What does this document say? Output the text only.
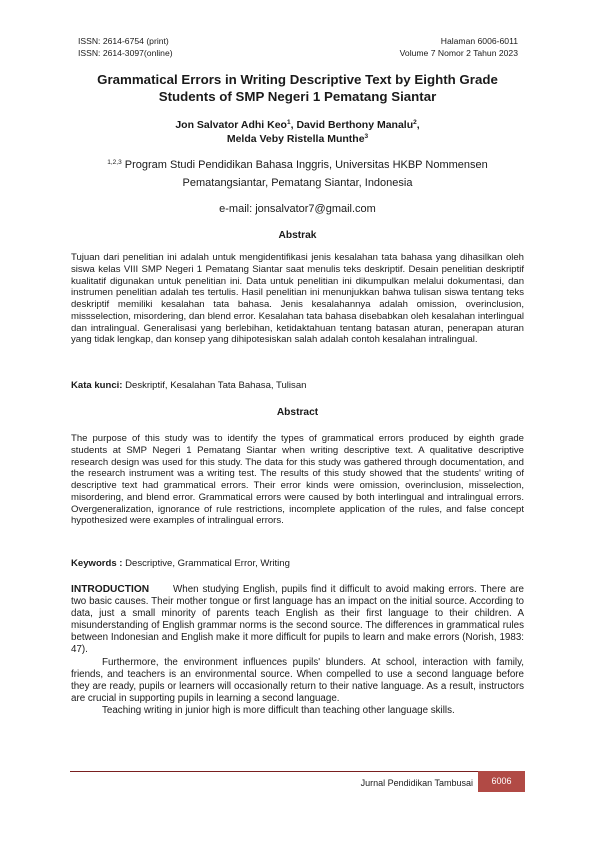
ISSN: 2614-6754 (print)
ISSN: 2614-3097(online)
Halaman 6006-6011
Volume 7 Nomor 2 Tahun 2023
Grammatical Errors in Writing Descriptive Text by Eighth Grade Students of SMP Negeri 1 Pematang Siantar

Jon Salvator Adhi Keo$^1$, David Berthony Manalu$^2$,
Melda Veby Ristella Munthe$^3$

$^{1,2,3}$ Program Studi Pendidikan Bahasa Inggris, Universitas HKBP Nommensen Pematangsiantar, Pematang Siantar, Indonesia

e-mail: jonsalvator7@gmail.com

Abstrak

Tujuan dari penelitian ini adalah untuk mengidentifikasi jenis kesalahan tata bahasa yang dihasilkan oleh siswa kelas VIII SMP Negeri 1 Pematang Siantar saat menulis teks deskriptif. Desain penelitian deskriptif kualitatif digunakan untuk penelitian ini. Data untuk penelitian ini dikumpulkan melalui dokumentasi, dan instrumen penelitian adalah tes tertulis. Hasil penelitian ini menunjukkan bahwa tulisan siswa tentang teks deskriptif memiliki kesalahan tata bahasa. Jenis kesalahannya adalah omission, overinclusion, missselection, misordering, dan blend error. Kesalahan tata bahasa disebabkan oleh kesalahan interlingual dan intralingual. Generalisasi yang berlebihan, ketidaktahuan tentang batasan aturan, penerapan aturan yang tidak lengkap, dan konsep yang dihipotesiskan salah adalah contoh kesalahan intralingual.

Kata kunci: Deskriptif, Kesalahan Tata Bahasa, Tulisan

Abstract

The purpose of this study was to identify the types of grammatical errors produced by eighth grade students at SMP Negeri 1 Pematang Siantar when writing descriptive text. A qualitative descriptive research design was used for this study. The data for this study was gathered through documentation, and the research instrument was a writing test. The results of this study showed that the students' writing of descriptive text had grammatical errors. Their error kinds were omission, overinclusion, misselection, misordering, and blend error. Grammatical errors were caused by both interlingual and intralingual errors. Overgeneralization, ignorance of rule restrictions, incomplete application of the rules, and false concept hypothesized were examples of intralingual errors.

Keywords : Descriptive, Grammatical Error, Writing

INTRODUCTION	When studying English, pupils find it difficult to avoid making errors. There are two basic causes. Their mother tongue or first language has an impact on the initial source. According to data, just a small minority of parents teach English as their first language to their children. A misunderstanding of English grammar norms is the second source. The differences in grammatical rules between Indonesian and English make it more difficult for pupils to learn and make errors (Norish, 1983: 47).

Furthermore, the environment influences pupils' blunders. At school, interaction with family, friends, and teachers is an environmental source. When compelled to use a second language before they are ready, pupils or learners will occasionally return to their native language. As a result, instructors are crucial in supporting pupils in learning a second language.

Teaching writing in junior high is more difficult than teaching other language skills.

Jurnal Pendidikan Tambusai	6006
